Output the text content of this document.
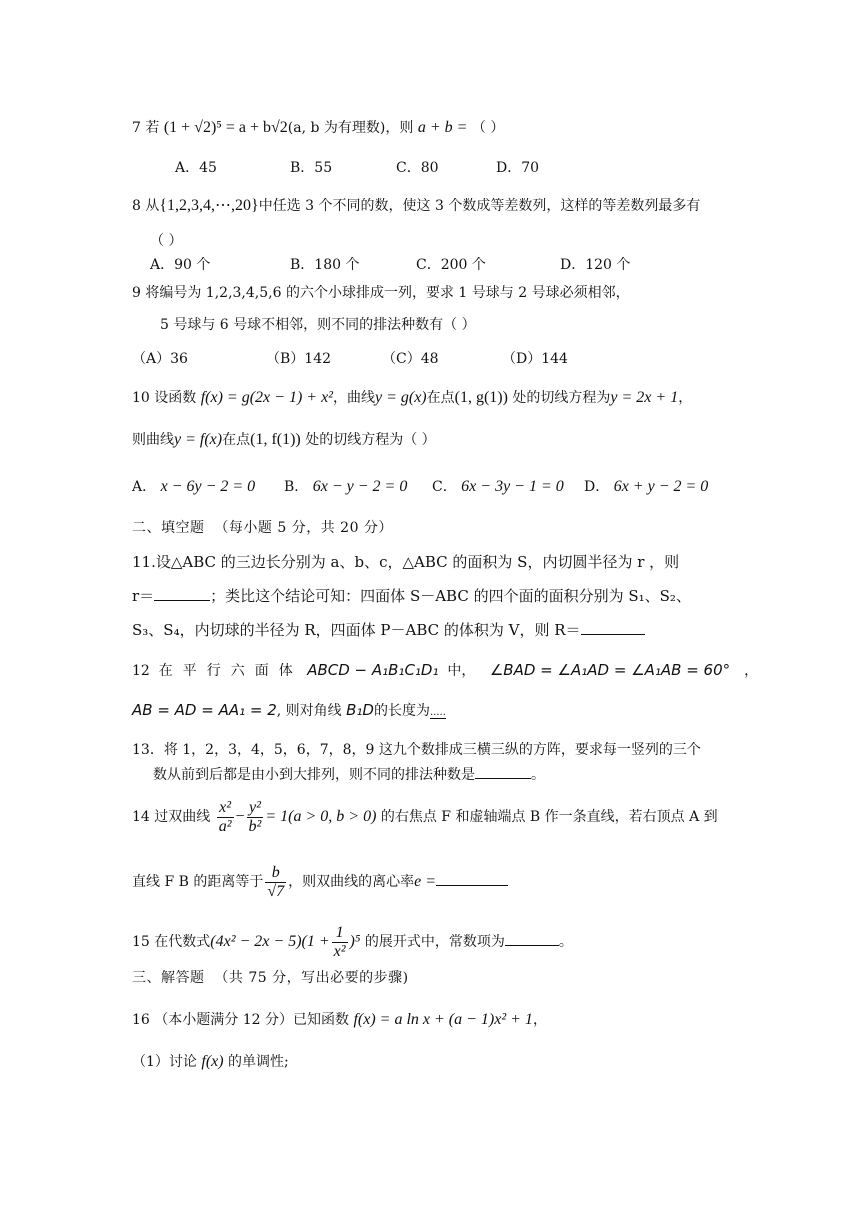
7 若 (1 + √2)⁵ = a + b√2(a, b 为有理数)，则 a + b = （ ）
A．45	B．55	C．80	D．70
8 从{1,2,3,4,⋯,20}中任选 3 个不同的数，使这 3 个数成等差数列，这样的等差数列最多有
（ ）
A．90 个	B．180 个	C．200 个	D．120 个
9 将编号为 1,2,3,4,5,6 的六个小球排成一列，要求 1 号球与 2 号球必须相邻，
5 号球与 6 号球不相邻，则不同的排法种数有（ ）
（A）36	（B）142	（C）48	（D）144
10 设函数 f(x) = g(2x − 1) + x²，曲线y = g(x)在点(1, g(1)) 处的切线方程为y = 2x + 1，
则曲线y = f(x)在点(1, f(1)) 处的切线方程为（ ）
A． x − 6y − 2 = 0 B． 6x − y − 2 = 0 C． 6x − 3y − 1 = 0 D． 6x + y − 2 = 0
二、填空题 （每小题 5 分，共 20 分）
11.设△ABC 的三边长分别为 a、b、c，△ABC 的面积为 S，内切圆半径为 r ，则
r＝	；类比这个结论可知：四面体 S－ABC 的四个面的面积分别为 S₁、S₂、
S₃、S₄，内切球的半径为 R，四面体 P－ABC 的体积为 V，则 R＝
12 在平行六面体 ABCD − A₁B₁C₁D₁ 中， ∠BAD = ∠A₁AD = ∠A₁AB = 60° ，
AB = AD = AA₁ = 2, 则对角线 B₁D的长度为.....
13．将 1，2，3，4，5，6，7，8，9 这九个数排成三横三纵的方阵，要求每一竖列的三个
数从前到后都是由小到大排列，则不同的排法种数是	。
14 过双曲线 $\frac{\text{x²}}{\text{a²}} - \frac{\text{y²}}{\text{b²}} = 1(a > 0$, b > 0) 的右焦点 F 和虚轴端点 B 作一条直线，若右顶点 A 到
直线 F B 的距离等于 $\frac{b}{√7}$ ，则双曲线的离心率e =
15 在代数式$(4x^2 - 2x - 5)(1 + \frac{1}{\text{x²}} )^5$ 的展开式中，常数项为	。
三、解答题 （共 75 分，写出必要的步骤)
16 （本小题满分 12 分）已知函数 f(x) = a ln x + (a − 1)x² + 1，
（1）讨论 f(x) 的单调性;
